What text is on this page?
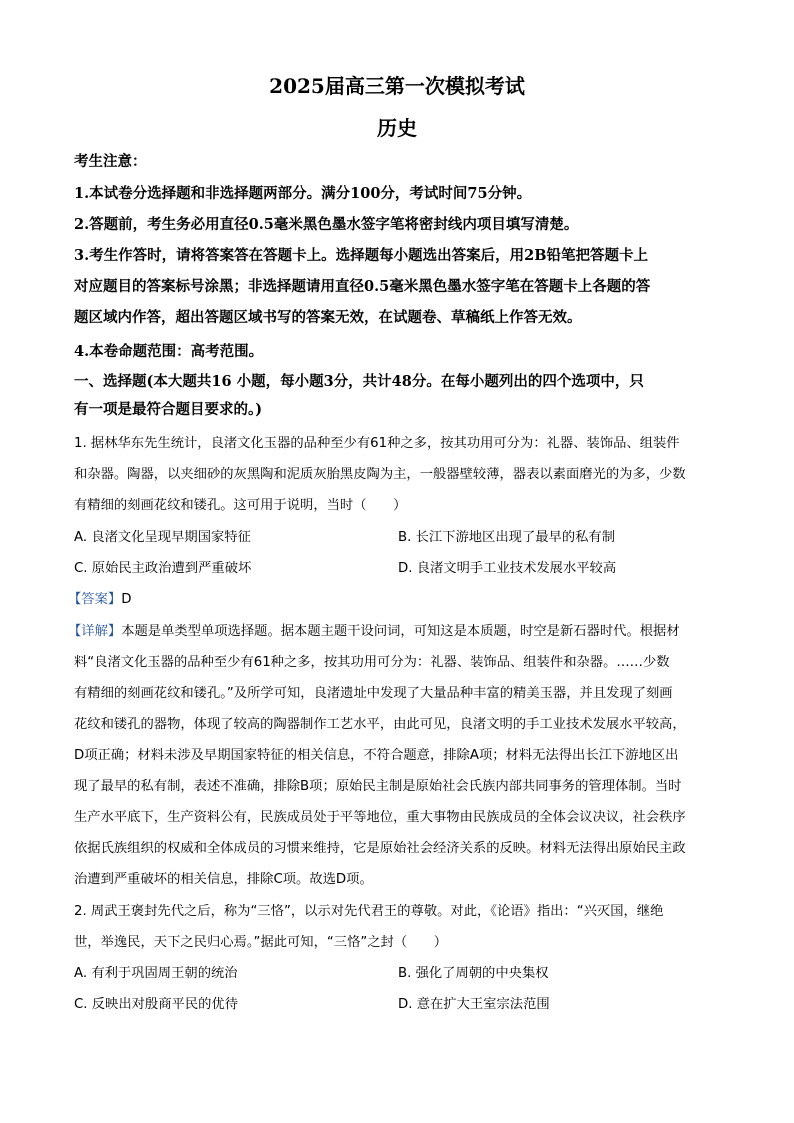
2025届高三第一次模拟考试
历史
考生注意：
1.本试卷分选择题和非选择题两部分。满分100分，考试时间75分钟。
2.答题前，考生务必用直径0.5毫米黑色墨水签字笔将密封线内项目填写清楚。
3.考生作答时，请将答案答在答题卡上。选择题每小题选出答案后，用2B铅笔把答题卡上
对应题目的答案标号涂黑；非选择题请用直径0.5毫米黑色墨水签字笔在答题卡上各题的答
题区域内作答，超出答题区域书写的答案无效，在试题卷、草稿纸上作答无效。
4.本卷命题范围：高考范围。
一、选择题(本大题共16 小题，每小题3分，共计48分。在每小题列出的四个选项中，只
有一项是最符合题目要求的。)
1. 据林华东先生统计，良渚文化玉器的品种至少有61种之多，按其功用可分为：礼器、装饰品、组装件
和杂器。陶器，以夹细砂的灰黑陶和泥质灰胎黑皮陶为主，一般器壁较薄，器表以素面磨光的为多，少数
有精细的刻画花纹和镂孔。这可用于说明，当时（　　）
A. 良渚文化呈现早期国家特征	B. 长江下游地区出现了最早的私有制
C. 原始民主政治遭到严重破坏	D. 良渚文明手工业技术发展水平较高
【答案】D
【详解】本题是单类型单项选择题。据本题主题干设问词，可知这是本质题，时空是新石器时代。根据材
料“良渚文化玉器的品种至少有61种之多，按其功用可分为：礼器、装饰品、组装件和杂器。……少数
有精细的刻画花纹和镂孔。”及所学可知，良渚遗址中发现了大量品种丰富的精美玉器，并且发现了刻画
花纹和镂孔的器物，体现了较高的陶器制作工艺水平，由此可见，良渚文明的手工业技术发展水平较高，
D项正确；材料未涉及早期国家特征的相关信息，不符合题意，排除A项；材料无法得出长江下游地区出
现了最早的私有制，表述不准确，排除B项；原始民主制是原始社会氏族内部共同事务的管理体制。当时
生产水平底下，生产资料公有，民族成员处于平等地位，重大事物由民族成员的全体会议决议，社会秩序
依据氏族组织的权威和全体成员的习惯来维持，它是原始社会经济关系的反映。材料无法得出原始民主政
治遭到严重破坏的相关信息，排除C项。故选D项。
2. 周武王褒封先代之后，称为“三恪”，以示对先代君王的尊敬。对此，《论语》指出：“兴灭国，继绝
世，举逸民，天下之民归心焉。”据此可知，“三恪”之封（　　）
A. 有利于巩固周王朝的统治	B. 强化了周朝的中央集权
C. 反映出对殷商平民的优待	D. 意在扩大王室宗法范围
